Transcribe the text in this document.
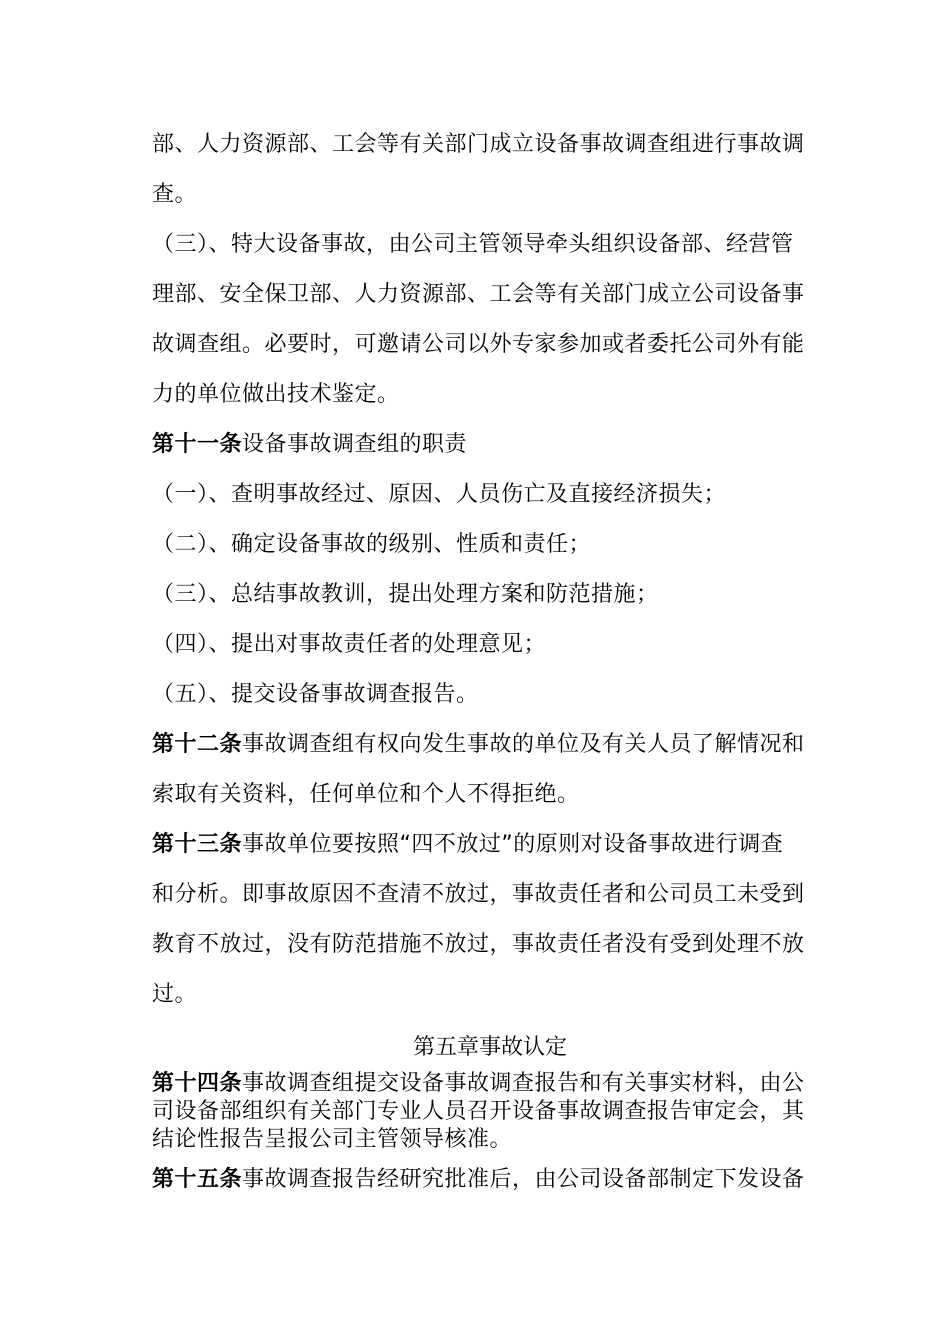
部、人力资源部、工会等有关部门成立设备事故调查组进行事故调
查。
（三）、特大设备事故，由公司主管领导牵头组织设备部、经营管
理部、安全保卫部、人力资源部、工会等有关部门成立公司设备事
故调查组。必要时，可邀请公司以外专家参加或者委托公司外有能
力的单位做出技术鉴定。
第十一条设备事故调查组的职责
（一）、查明事故经过、原因、人员伤亡及直接经济损失；
（二）、确定设备事故的级别、性质和责任；
（三）、总结事故教训，提出处理方案和防范措施；
（四）、提出对事故责任者的处理意见；
（五）、提交设备事故调查报告。
第十二条事故调查组有权向发生事故的单位及有关人员了解情况和
索取有关资料，任何单位和个人不得拒绝。
第十三条事故单位要按照“四不放过”的原则对设备事故进行调查
和分析。即事故原因不查清不放过，事故责任者和公司员工未受到
教育不放过，没有防范措施不放过，事故责任者没有受到处理不放
过。
第五章事故认定
第十四条事故调查组提交设备事故调查报告和有关事实材料，由公
司设备部组织有关部门专业人员召开设备事故调查报告审定会，其
结论性报告呈报公司主管领导核准。
第十五条事故调查报告经研究批准后，由公司设备部制定下发设备
